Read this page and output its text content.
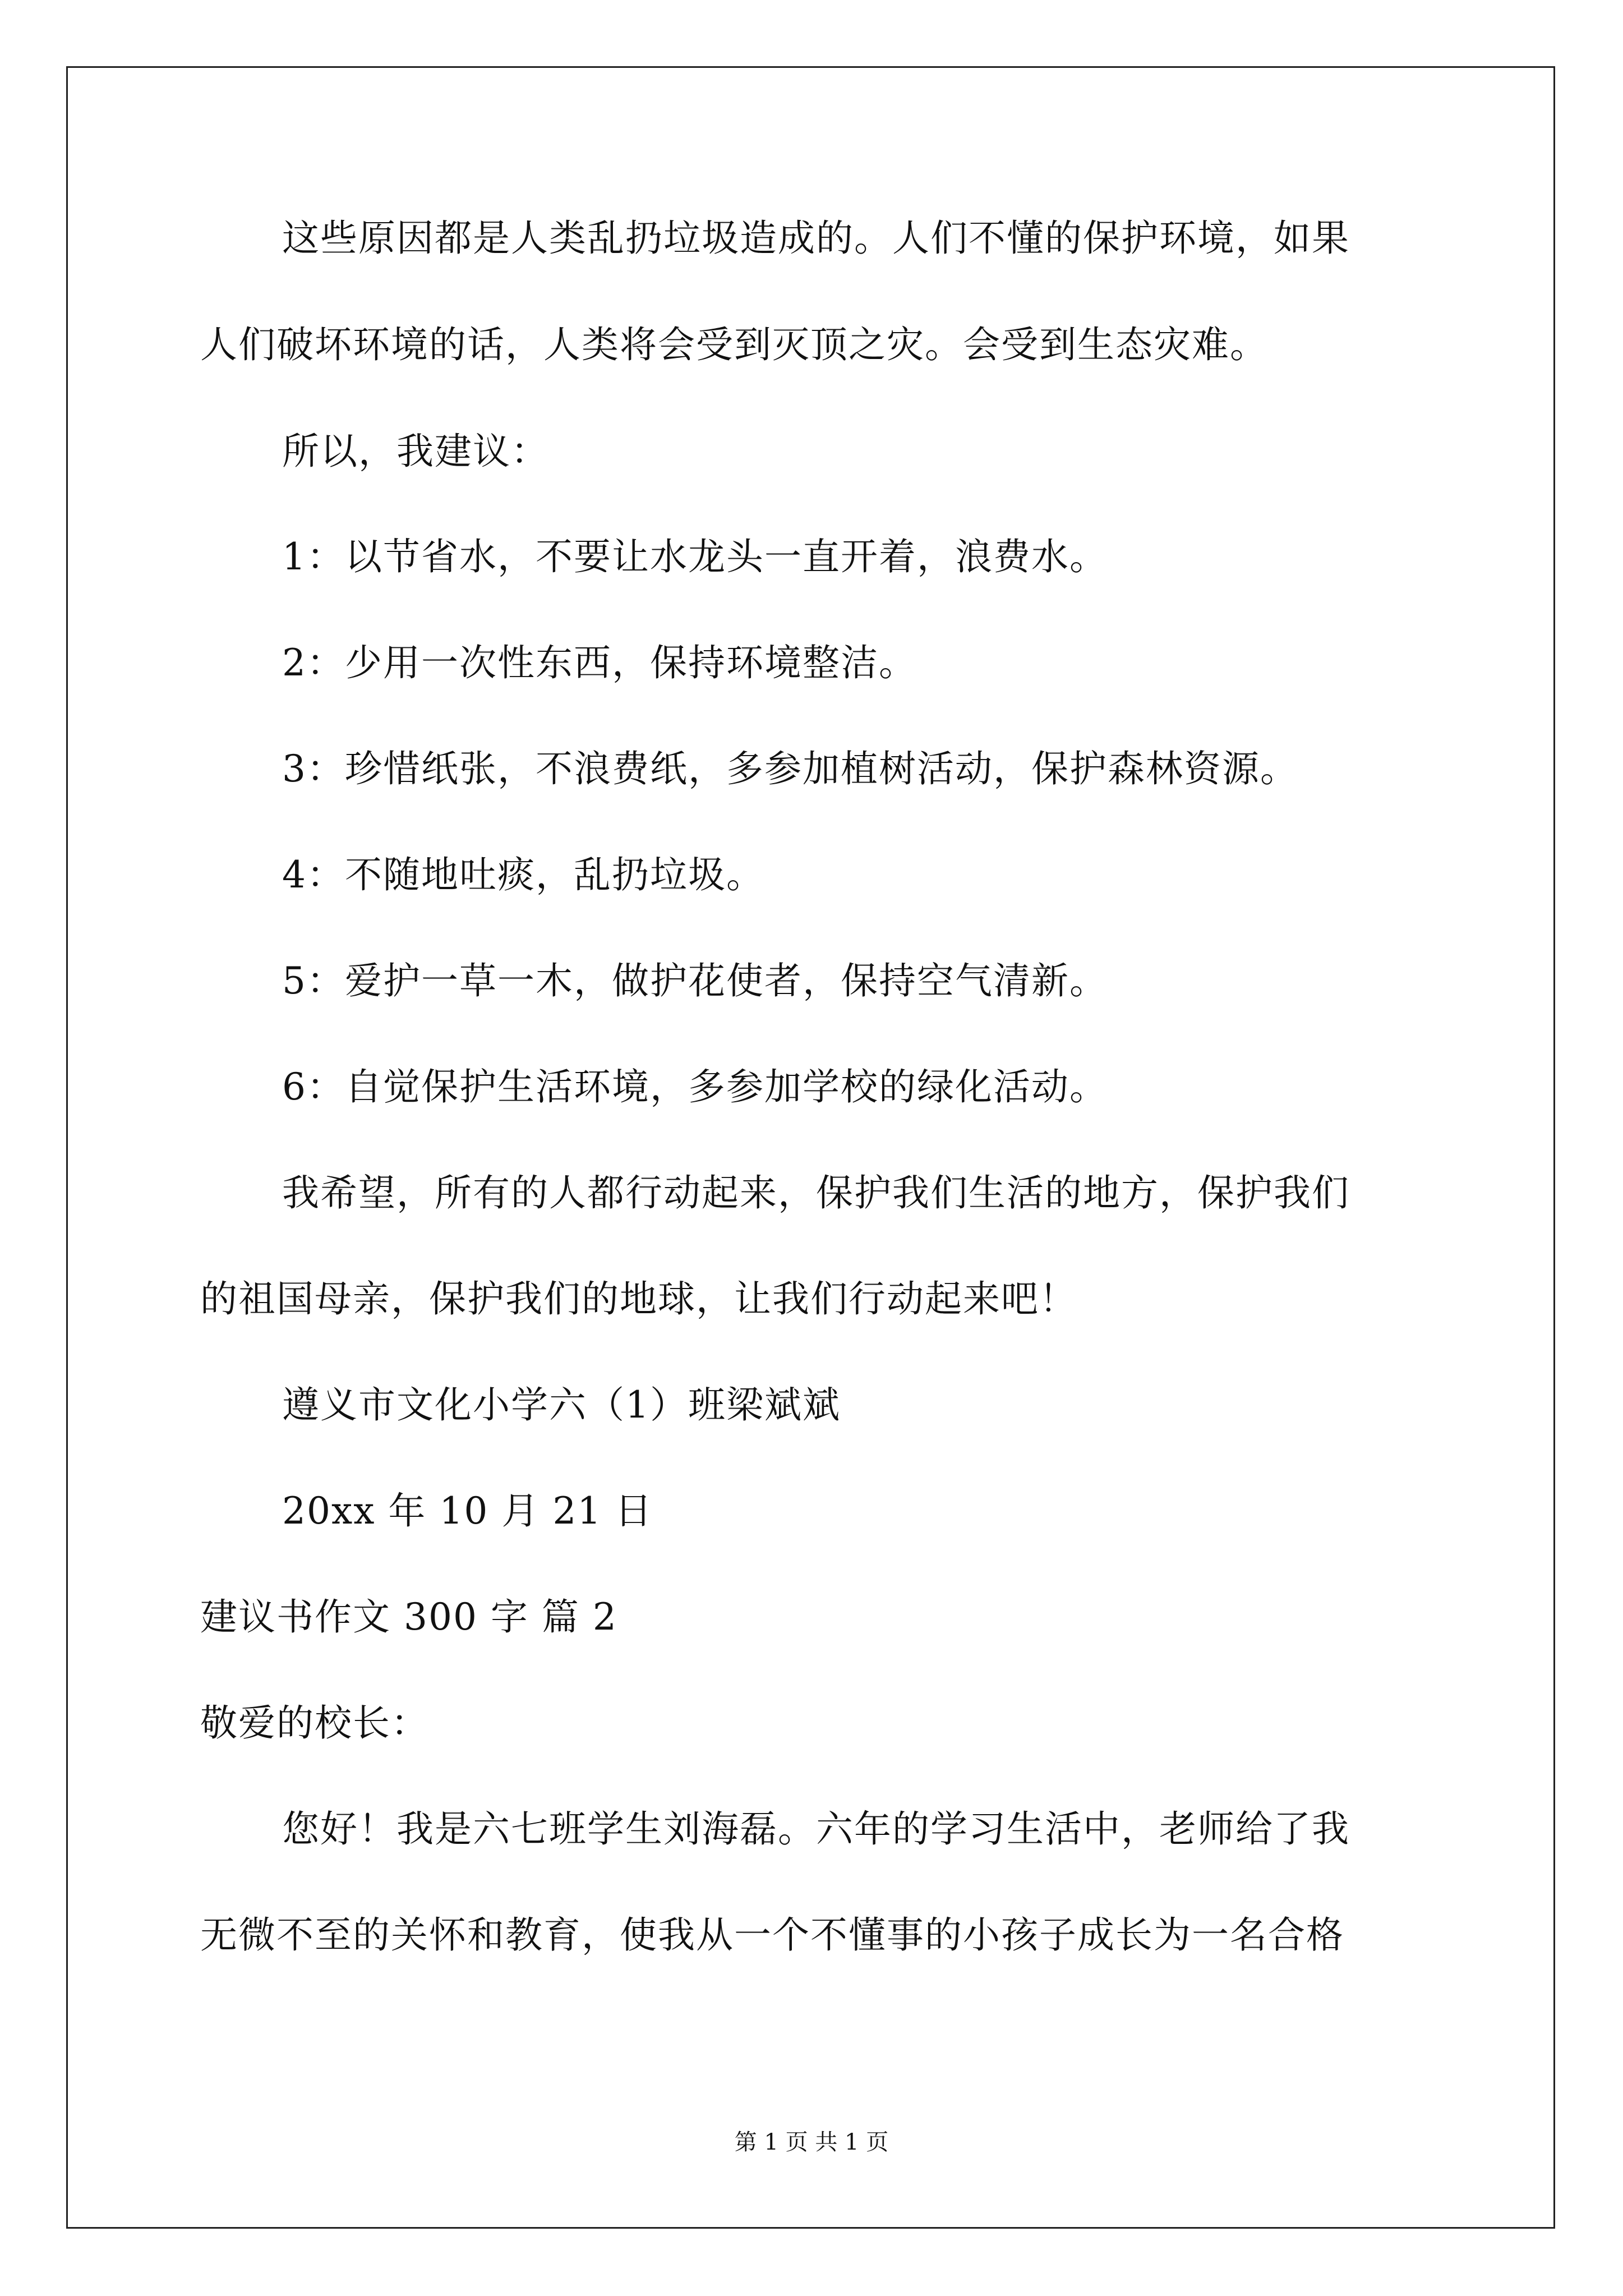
这些原因都是人类乱扔垃圾造成的。人们不懂的保护环境，如果
人们破坏环境的话，人类将会受到灭顶之灾。会受到生态灾难。
所以，我建议：
1：以节省水，不要让水龙头一直开着，浪费水。
2：少用一次性东西，保持环境整洁。
3：珍惜纸张，不浪费纸，多参加植树活动，保护森林资源。
4：不随地吐痰，乱扔垃圾。
5：爱护一草一木，做护花使者，保持空气清新。
6：自觉保护生活环境，多参加学校的绿化活动。
我希望，所有的人都行动起来，保护我们生活的地方，保护我们
的祖国母亲，保护我们的地球，让我们行动起来吧！
遵义市文化小学六（1）班梁斌斌
20xx 年 10 月 21 日
建议书作文 300 字 篇 2
敬爱的校长：
您好！我是六七班学生刘海磊。六年的学习生活中，老师给了我
无微不至的关怀和教育，使我从一个不懂事的小孩子成长为一名合格
第 1 页 共 1 页
